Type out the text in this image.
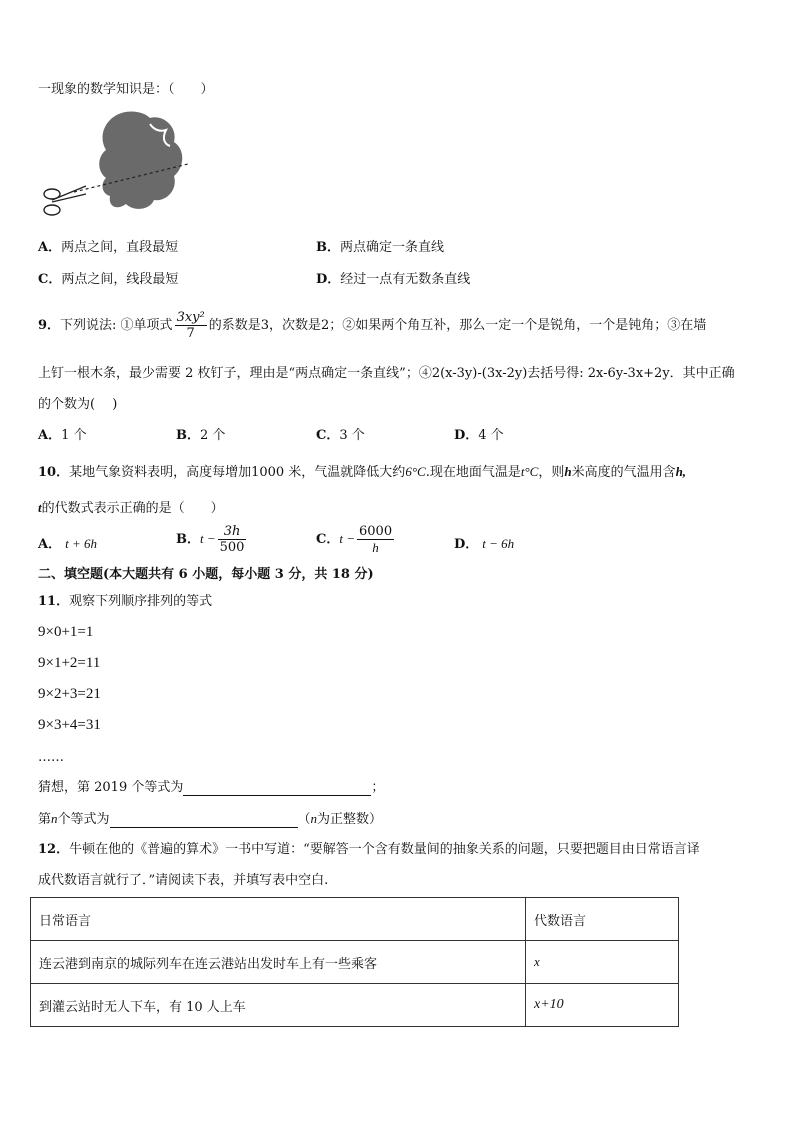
一现象的数学知识是：（　　）
A．两点之间，直段最短	B．两点确定一条直线
C．两点之间，线段最短	D．经过一点有无数条直线
9．下列说法: ①单项式 $\frac{\text{3xy²}}{7}$ 的系数是3，次数是2；②如果两个角互补，那么一定一个是锐角，一个是钝角；③在墙
上钉一根木条，最少需要 2 枚钉子，理由是“两点确定一条直线”；④2(x-3y)-(3x-2y)去括号得: 2x-6y-3x+2y．其中正确
的个数为(　 )
A．1 个	B．2 个	C．3 个	D．4 个
10．某地气象资料表明，高度每增加1000 米，气温就降低大约6°C.现在地面气温是t°C，则h米高度的气温用含h,
t的代数式表示正确的是（　　）
A． t + 6h	B．$t - \frac{3h}{500}$	C．$t - \frac{6000}{h}$	D． t − 6h
二、填空题(本大题共有 6 小题，每小题 3 分，共 18 分)
11．观察下列顺序排列的等式
9×0+1=1
9×1+2=11
9×2+3=21
9×3+4=31
……
猜想，第 2019 个等式为	；
第n个等式为	（n为正整数）
12．牛顿在他的《普遍的算术》一书中写道：“要解答一个含有数量间的抽象关系的问题，只要把题目由日常语言译
成代数语言就行了．”请阅读下表，并填写表中空白.
日常语言	代数语言
连云港到南京的城际列车在连云港站出发时车上有一些乘客	x
到灌云站时无人下车，有 10 人上车	x+10
